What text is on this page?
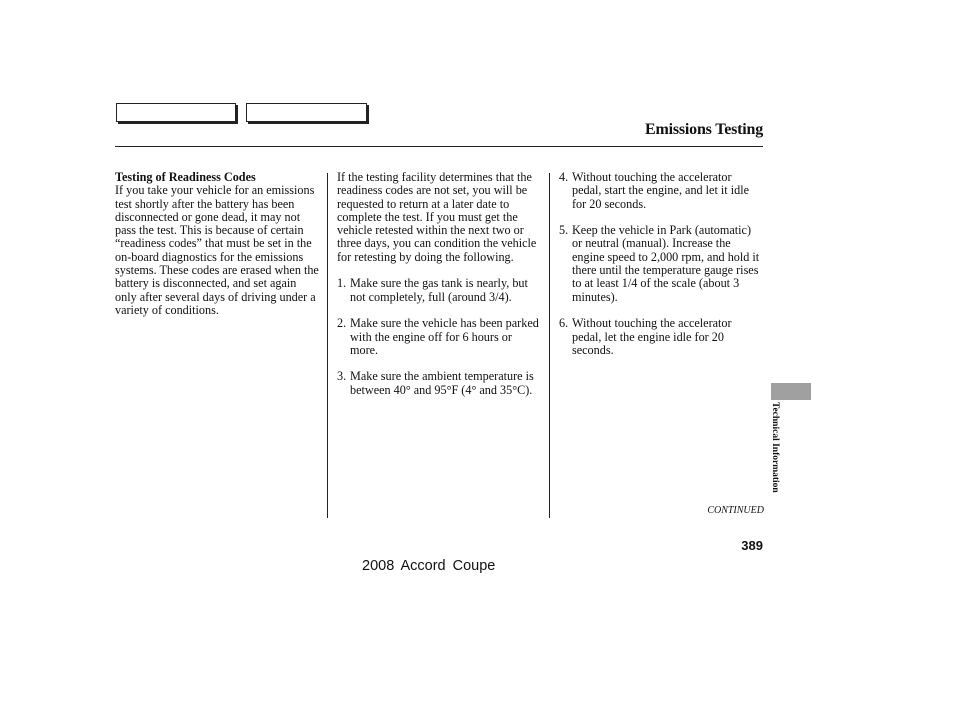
Emissions Testing
Testing of Readiness Codes

If you take your vehicle for an emissions test shortly after the battery has been disconnected or gone dead, it may not pass the test. This is because of certain “readiness codes” that must be set in the on-board diagnostics for the emissions systems. These codes are erased when the battery is disconnected, and set again only after several days of driving under a variety of conditions.

If the testing facility determines that the readiness codes are not set, you will be requested to return at a later date to complete the test. If you must get the vehicle retested within the next two or three days, you can condition the vehicle for retesting by doing the following.

1. Make sure the gas tank is nearly, but not completely, full (around 3/4).
2. Make sure the vehicle has been parked with the engine off for 6 hours or more.
3. Make sure the ambient temperature is between 40° and 95°F (4° and 35°C).
4. Without touching the accelerator pedal, start the engine, and let it idle for 20 seconds.
5. Keep the vehicle in Park (automatic) or neutral (manual). Increase the engine speed to 2,000 rpm, and hold it there until the temperature gauge rises to at least 1/4 of the scale (about 3 minutes).
6. Without touching the accelerator pedal, let the engine idle for 20 seconds.
Technical Information
CONTINUED
389
2008 Accord Coupe
